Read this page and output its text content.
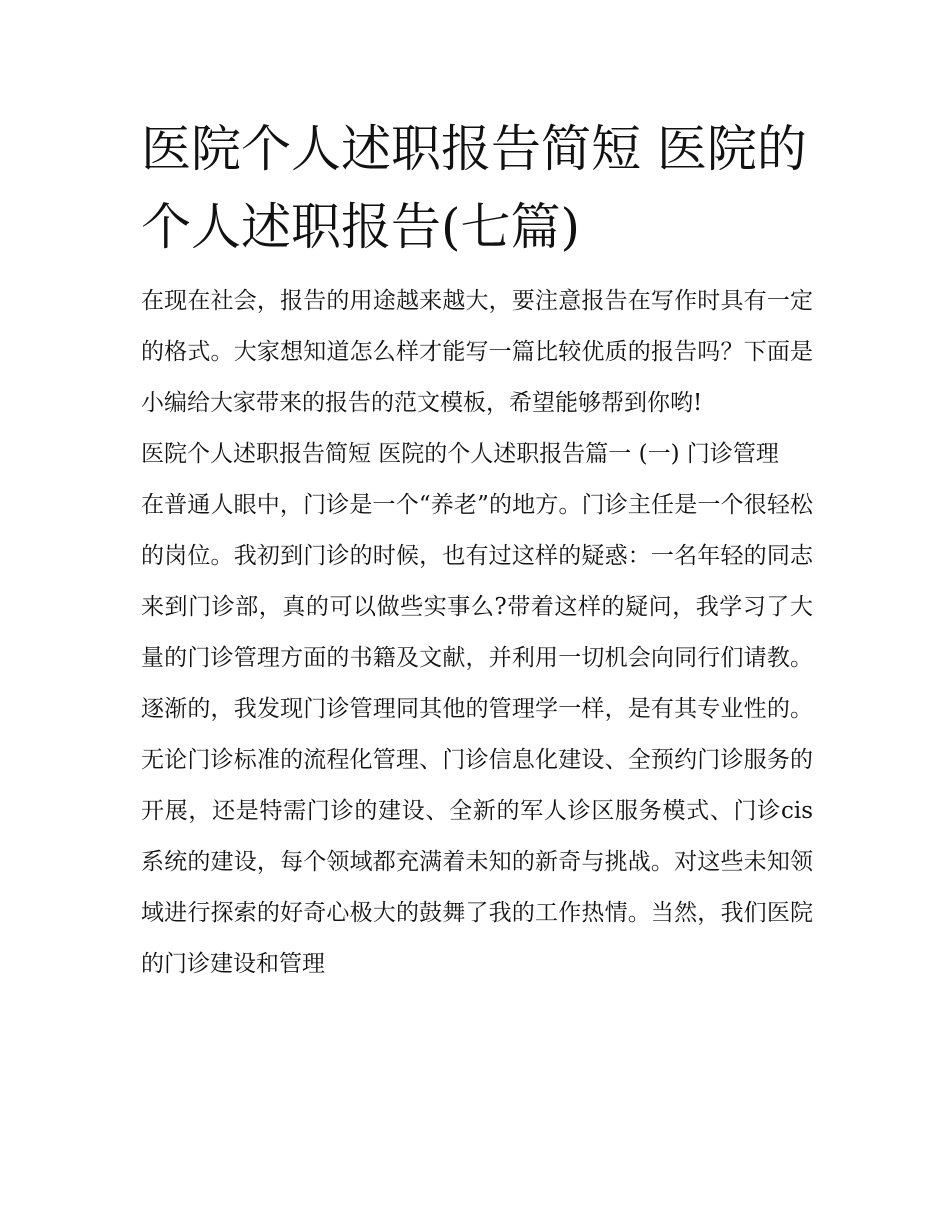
医院个人述职报告简短 医院的个人述职报告(七篇)

在现在社会，报告的用途越来越大，要注意报告在写作时具有一定的格式。大家想知道怎么样才能写一篇比较优质的报告吗？下面是小编给大家带来的报告的范文模板，希望能够帮到你哟!

医院个人述职报告简短 医院的个人述职报告篇一 (一) 门诊管理

在普通人眼中，门诊是一个“养老”的地方。门诊主任是一个很轻松的岗位。我初到门诊的时候，也有过这样的疑惑：一名年轻的同志来到门诊部，真的可以做些实事么?带着这样的疑问，我学习了大量的门诊管理方面的书籍及文献，并利用一切机会向同行们请教。逐渐的，我发现门诊管理同其他的管理学一样，是有其专业性的。无论门诊标准的流程化管理、门诊信息化建设、全预约门诊服务的开展，还是特需门诊的建设、全新的军人诊区服务模式、门诊cis系统的建设，每个领域都充满着未知的新奇与挑战。对这些未知领域进行探索的好奇心极大的鼓舞了我的工作热情。当然，我们医院的门诊建设和管理
